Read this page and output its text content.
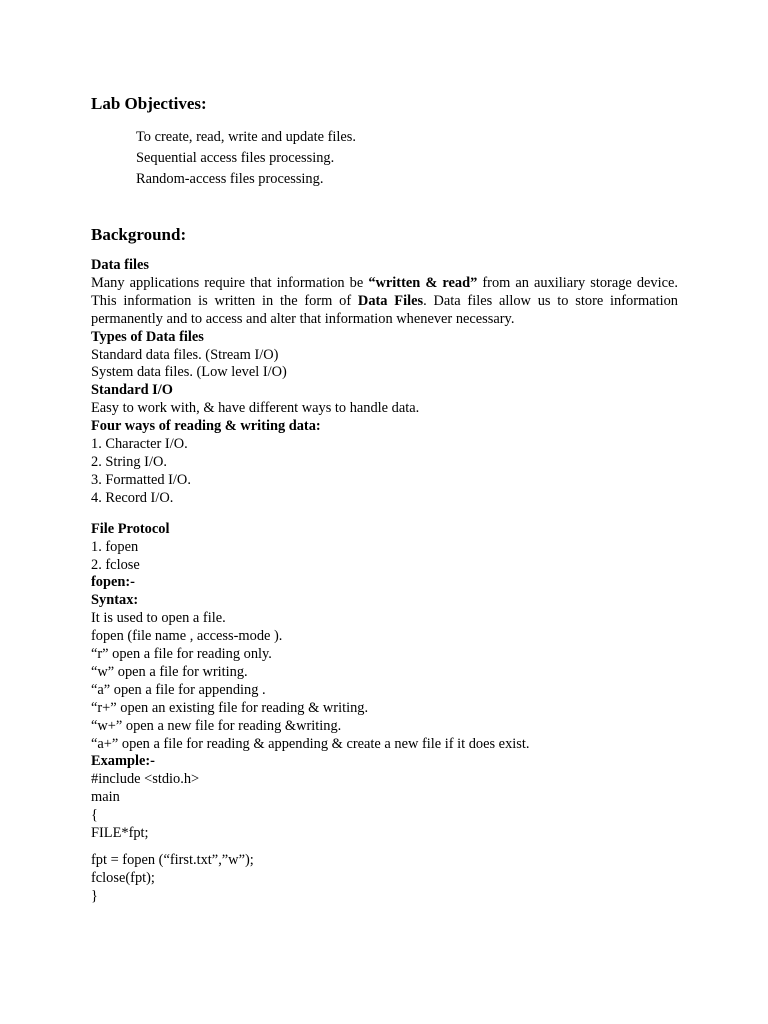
Lab Objectives:
To create, read, write and update files.
Sequential access files processing.
Random-access files processing.
Background:
Data files
Many applications require that information be “written & read” from an auxiliary storage device. This information is written in the form of Data Files. Data files allow us to store information permanently and to access and alter that information whenever necessary.
Types of Data files
Standard data files. (Stream I/O)
System data files. (Low level I/O)
Standard I/O
Easy to work with, & have different ways to handle data.
Four ways of reading & writing data:
1. Character I/O.
2. String I/O.
3. Formatted I/O.
4. Record I/O.
File Protocol
1. fopen
2. fclose
fopen:-
Syntax:
It is used to open a file.
fopen (file name , access-mode ).
“r” open a file for reading only.
“w” open a file for writing.
“a” open a file for appending .
“r+” open an existing file for reading & writing.
“w+” open a new file for reading &writing.
“a+” open a file for reading & appending & create a new file if it does exist.
Example:-
#include <stdio.h>
main
{
FILE*fpt;
fpt = fopen (“first.txt”,”w”);
fclose(fpt);
}
